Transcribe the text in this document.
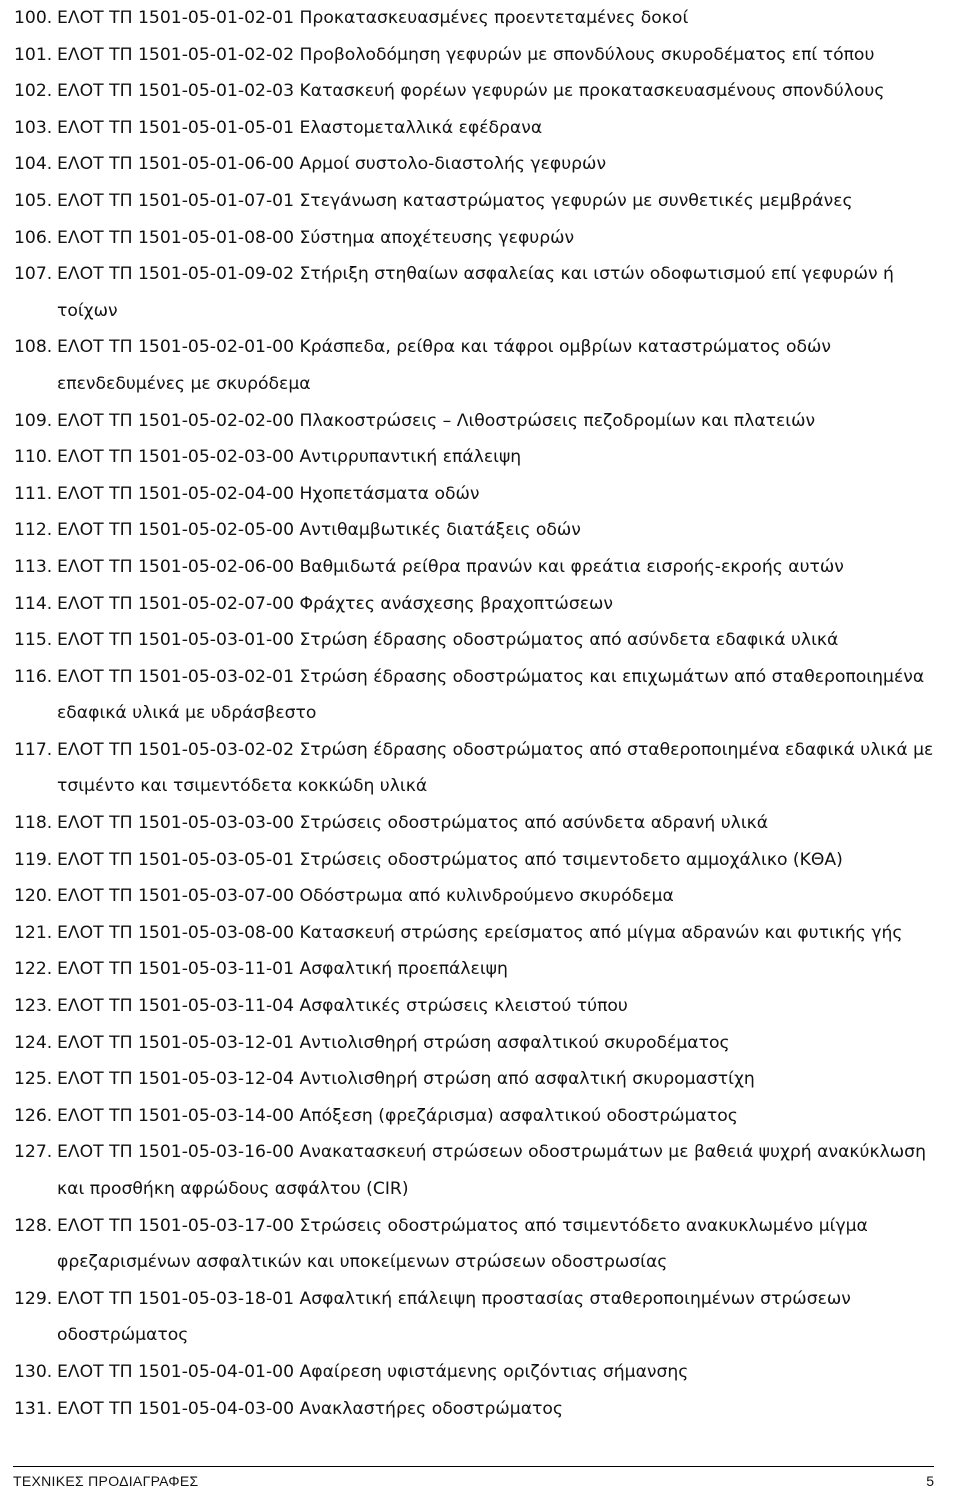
100. ΕΛΟΤ ΤΠ 1501-05-01-02-01 Προκατασκευασμένες προεντεταμένες δοκοί
101. ΕΛΟΤ ΤΠ 1501-05-01-02-02 Προβολοδόμηση γεφυρών με σπονδύλους σκυροδέματος επί τόπου
102. ΕΛΟΤ ΤΠ 1501-05-01-02-03 Κατασκευή φορέων γεφυρών με προκατασκευασμένους σπονδύλους
103. ΕΛΟΤ ΤΠ 1501-05-01-05-01 Ελαστομεταλλικά εφέδρανα
104. ΕΛΟΤ ΤΠ 1501-05-01-06-00 Αρμοί συστολο-διαστολής γεφυρών
105. ΕΛΟΤ ΤΠ 1501-05-01-07-01 Στεγάνωση καταστρώματος γεφυρών με συνθετικές μεμβράνες
106. ΕΛΟΤ ΤΠ 1501-05-01-08-00 Σύστημα αποχέτευσης γεφυρών
107. ΕΛΟΤ ΤΠ 1501-05-01-09-02 Στήριξη στηθαίων ασφαλείας και ιστών οδοφωτισμού επί γεφυρών ή τοίχων
108. ΕΛΟΤ ΤΠ 1501-05-02-01-00 Κράσπεδα, ρείθρα και τάφροι ομβρίων καταστρώματος οδών επενδεδυμένες με σκυρόδεμα
109. ΕΛΟΤ ΤΠ 1501-05-02-02-00 Πλακοστρώσεις – Λιθοστρώσεις πεζοδρομίων και πλατειών
110. ΕΛΟΤ ΤΠ 1501-05-02-03-00 Αντιρρυπαντική επάλειψη
111. ΕΛΟΤ ΤΠ 1501-05-02-04-00 Ηχοπετάσματα οδών
112. ΕΛΟΤ ΤΠ 1501-05-02-05-00 Αντιθαμβωτικές διατάξεις οδών
113. ΕΛΟΤ ΤΠ 1501-05-02-06-00 Βαθμιδωτά ρείθρα πρανών και φρεάτια εισροής-εκροής αυτών
114. ΕΛΟΤ ΤΠ 1501-05-02-07-00 Φράχτες ανάσχεσης βραχοπτώσεων
115. ΕΛΟΤ ΤΠ 1501-05-03-01-00 Στρώση έδρασης οδοστρώματος από ασύνδετα εδαφικά υλικά
116. ΕΛΟΤ ΤΠ 1501-05-03-02-01 Στρώση έδρασης οδοστρώματος και επιχωμάτων από σταθεροποιημένα εδαφικά υλικά με υδράσβεστο
117. ΕΛΟΤ ΤΠ 1501-05-03-02-02 Στρώση έδρασης οδοστρώματος από σταθεροποιημένα εδαφικά υλικά με τσιμέντο και τσιμεντόδετα κοκκώδη υλικά
118. ΕΛΟΤ ΤΠ 1501-05-03-03-00 Στρώσεις οδοστρώματος από ασύνδετα αδρανή υλικά
119. ΕΛΟΤ ΤΠ 1501-05-03-05-01 Στρώσεις οδοστρώματος από τσιμεντοδετο αμμοχάλικο (ΚΘΑ)
120. ΕΛΟΤ ΤΠ 1501-05-03-07-00 Οδόστρωμα από κυλινδρούμενο σκυρόδεμα
121. ΕΛΟΤ ΤΠ 1501-05-03-08-00 Κατασκευή στρώσης ερείσματος από μίγμα αδρανών και φυτικής γής
122. ΕΛΟΤ ΤΠ 1501-05-03-11-01 Ασφαλτική προεπάλειψη
123. ΕΛΟΤ ΤΠ 1501-05-03-11-04 Ασφαλτικές στρώσεις κλειστού τύπου
124. ΕΛΟΤ ΤΠ 1501-05-03-12-01 Αντιολισθηρή στρώση ασφαλτικού σκυροδέματος
125. ΕΛΟΤ ΤΠ 1501-05-03-12-04 Αντιολισθηρή στρώση από ασφαλτική σκυρομαστίχη
126. ΕΛΟΤ ΤΠ 1501-05-03-14-00 Απόξεση (φρεζάρισμα) ασφαλτικού οδοστρώματος
127. ΕΛΟΤ ΤΠ 1501-05-03-16-00 Ανακατασκευή στρώσεων οδοστρωμάτων με βαθειά ψυχρή ανακύκλωση και προσθήκη αφρώδους ασφάλτου (CIR)
128. ΕΛΟΤ ΤΠ 1501-05-03-17-00 Στρώσεις οδοστρώματος από τσιμεντόδετο ανακυκλωμένο μίγμα φρεζαρισμένων ασφαλτικών και υποκείμενων στρώσεων οδοστρωσίας
129. ΕΛΟΤ ΤΠ 1501-05-03-18-01 Ασφαλτική επάλειψη προστασίας σταθεροποιημένων στρώσεων οδοστρώματος
130. ΕΛΟΤ ΤΠ 1501-05-04-01-00 Αφαίρεση υφιστάμενης οριζόντιας σήμανσης
131. ΕΛΟΤ ΤΠ 1501-05-04-03-00 Ανακλαστήρες οδοστρώματος
ΤΕΧΝΙΚΕΣ ΠΡΟΔΙΑΓΡΑΦΕΣ	5
